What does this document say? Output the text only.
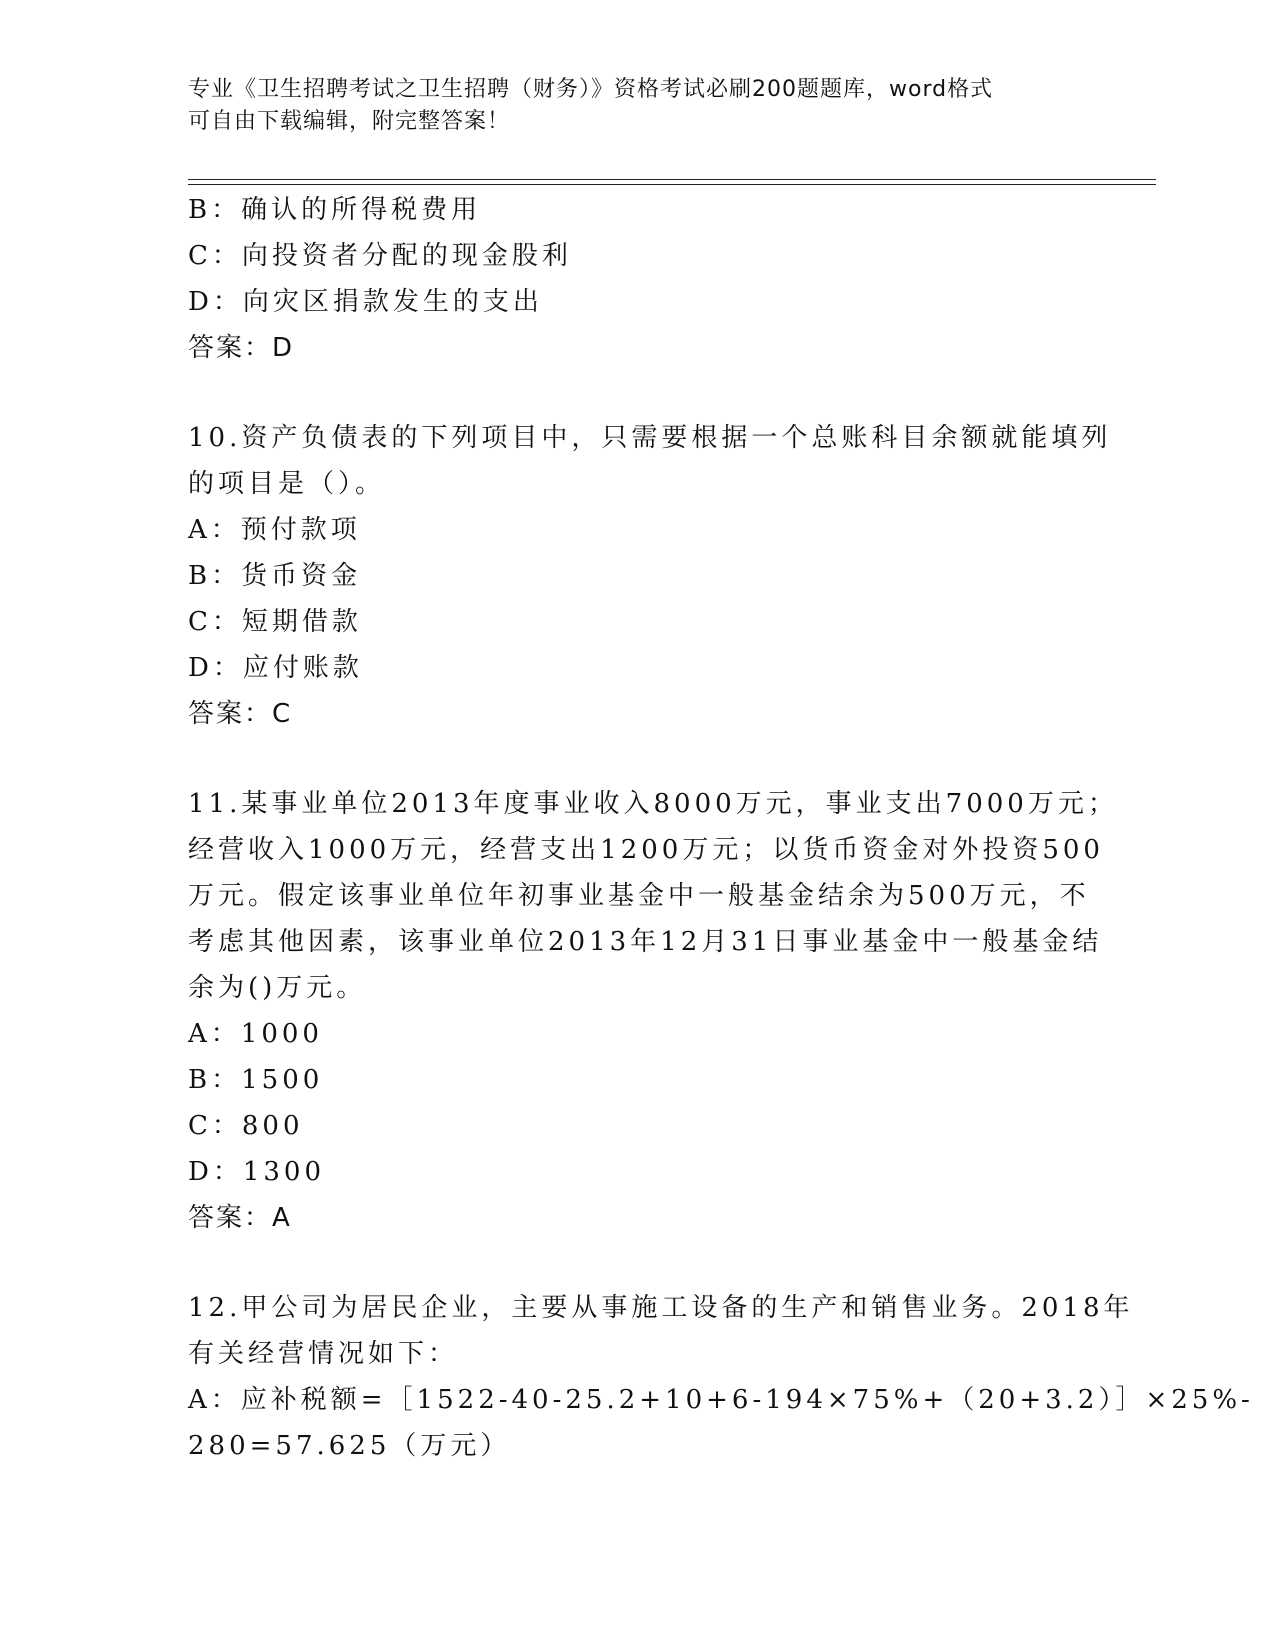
专业《卫生招聘考试之卫生招聘（财务）》资格考试必刷200题题库，word格式
可自由下载编辑，附完整答案！
B：确认的所得税费用
C：向投资者分配的现金股利
D：向灾区捐款发生的支出
答案：D
10.资产负债表的下列项目中，只需要根据一个总账科目余额就能填列
的项目是（）。
A：预付款项
B：货币资金
C：短期借款
D：应付账款
答案：C
11.某事业单位2013年度事业收入8000万元，事业支出7000万元；
经营收入1000万元，经营支出1200万元；以货币资金对外投资500
万元。假定该事业单位年初事业基金中一般基金结余为500万元，不
考虑其他因素，该事业单位2013年12月31日事业基金中一般基金结
余为()万元。
A：1000
B：1500
C：800
D：1300
答案：A
12.甲公司为居民企业，主要从事施工设备的生产和销售业务。2018年
有关经营情况如下：
A：应补税额=［1522-40-25.2+10+6-194×75%+（20+3.2）］×25%-
280=57.625（万元）
